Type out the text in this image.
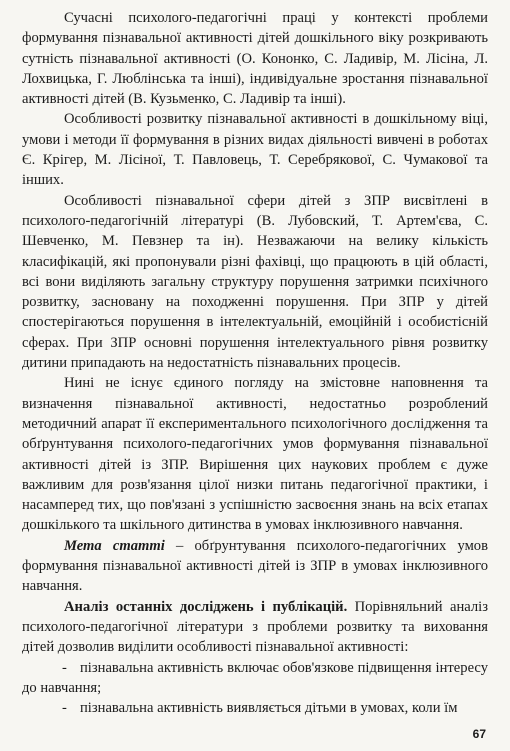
Сучасні психолого-педагогічні праці у контексті проблеми формування пізнавальної активності дітей дошкільного віку розкривають сутність пізнавальної активності (О. Кононко, С. Ладивір, М. Лісіна, Л. Лохвицька, Г. Люблінська та інші), індивідуальне зростання пізнавальної активності дітей (В. Кузьменко, С. Ладивір та інші).

Особливості розвитку пізнавальної активності в дошкільному віці, умови і методи її формування в різних видах діяльності вивчені в роботах Є. Крігер, М. Лісіної, Т. Павловець, Т. Серебрякової, С. Чумакової та інших.

Особливості пізнавальної сфери дітей з ЗПР висвітлені в психолого-педагогічній літературі (В. Лубовский, Т. Артем'єва, С. Шевченко, М. Певзнер та ін). Незважаючи на велику кількість класифікацій, які пропонували різні фахівці, що працюють в цій області, всі вони виділяють загальну структуру порушення затримки психічного розвитку, засновану на походженні порушення. При ЗПР у дітей спостерігаються порушення в інтелектуальній, емоційній і особистісній сферах. При ЗПР основні порушення інтелектуального рівня розвитку дитини припадають на недостатність пізнавальних процесів.

Нині не існує єдиного погляду на змістовне наповнення та визначення пізнавальної активності, недостатньо розроблений методичний апарат її експериментального психологічного дослідження та обґрунтування психолого-педагогічних умов формування пізнавальної активності дітей із ЗПР. Вирішення цих наукових проблем є дуже важливим для розв'язання цілої низки питань педагогічної практики, і насамперед тих, що пов'язані з успішністю засвоєння знань на всіх етапах дошкілького та шкільного дитинства в умовах інклюзивного навчання.

Мета статті – обґрунтування психолого-педагогічних умов формування пізнавальної активності дітей із ЗПР в умовах інклюзивного навчання.

Аналіз останніх досліджень і публікацій. Порівняльний аналіз психолого-педагогічної літератури з проблеми розвитку та виховання дітей дозволив виділити особливості пізнавальної активності:

- пізнавальна активність включає обов'язкове підвищення інтересу до навчання;

- пізнавальна активність виявляється дітьми в умовах, коли їм

67
